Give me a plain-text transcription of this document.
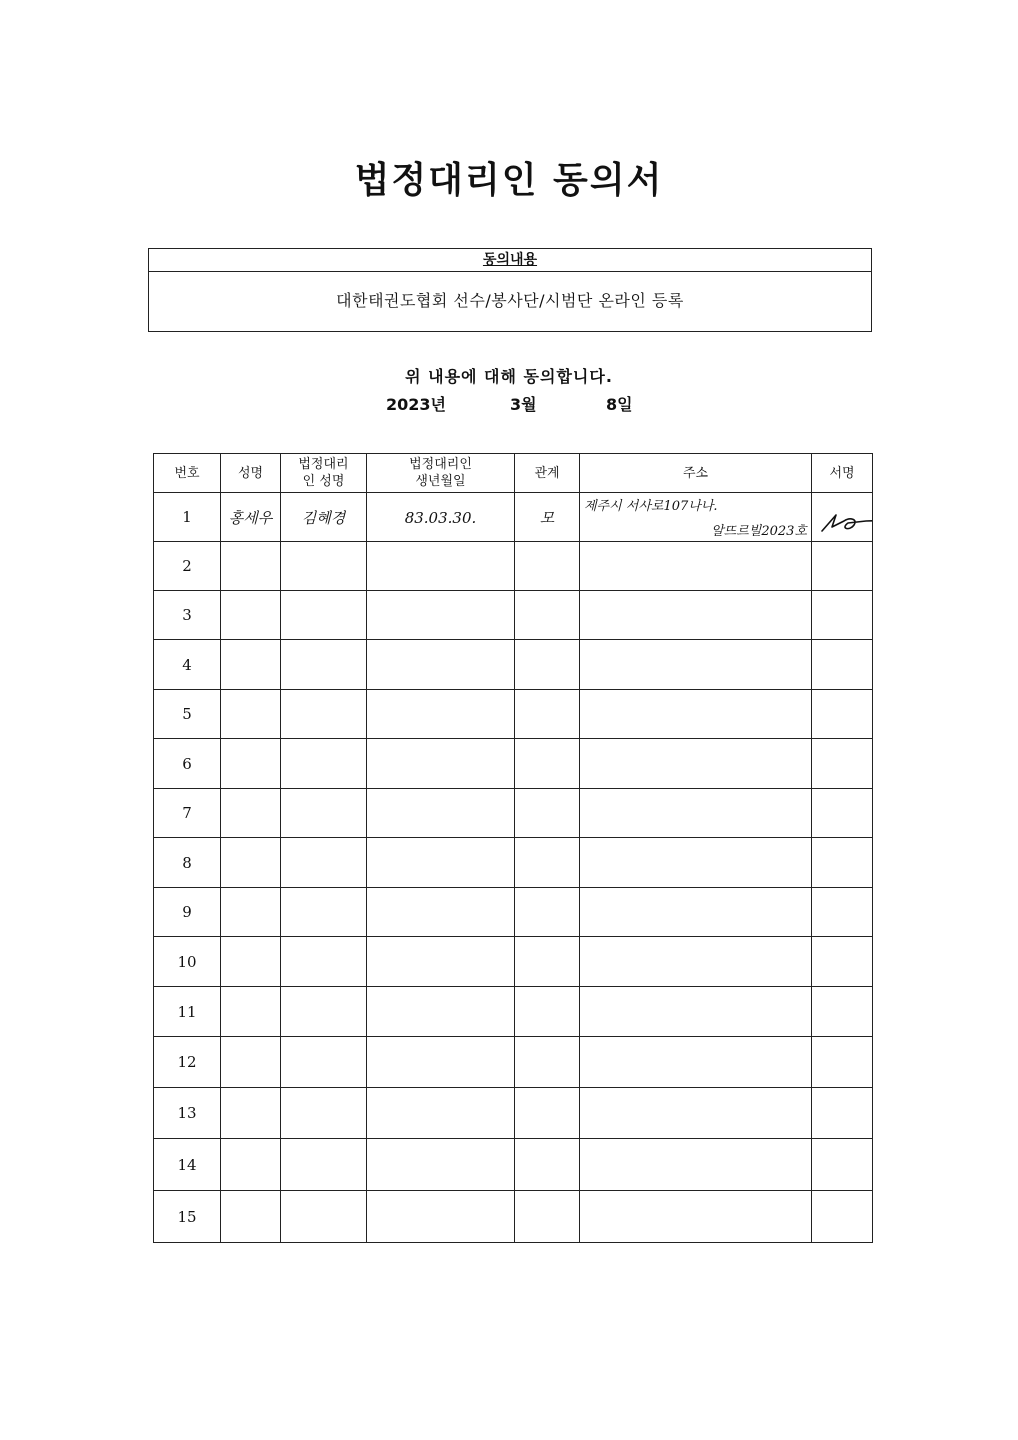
법정대리인 동의서
동의내용
대한태권도협회 선수/봉사단/시범단 온라인 등록
위 내용에 대해 동의합니다.
2023년	3월	8일
번호	성명	법정대리인 성명	법정대리인 생년월일	관계	주소	서명
1	홍세우	김혜경	83.03.30.	모	제주시 서사로107나나.
알뜨르빌2023호

2						
3						
4						
5						
6						
7						
8						
9						
10						
11						
12						
13						
14						
15						
